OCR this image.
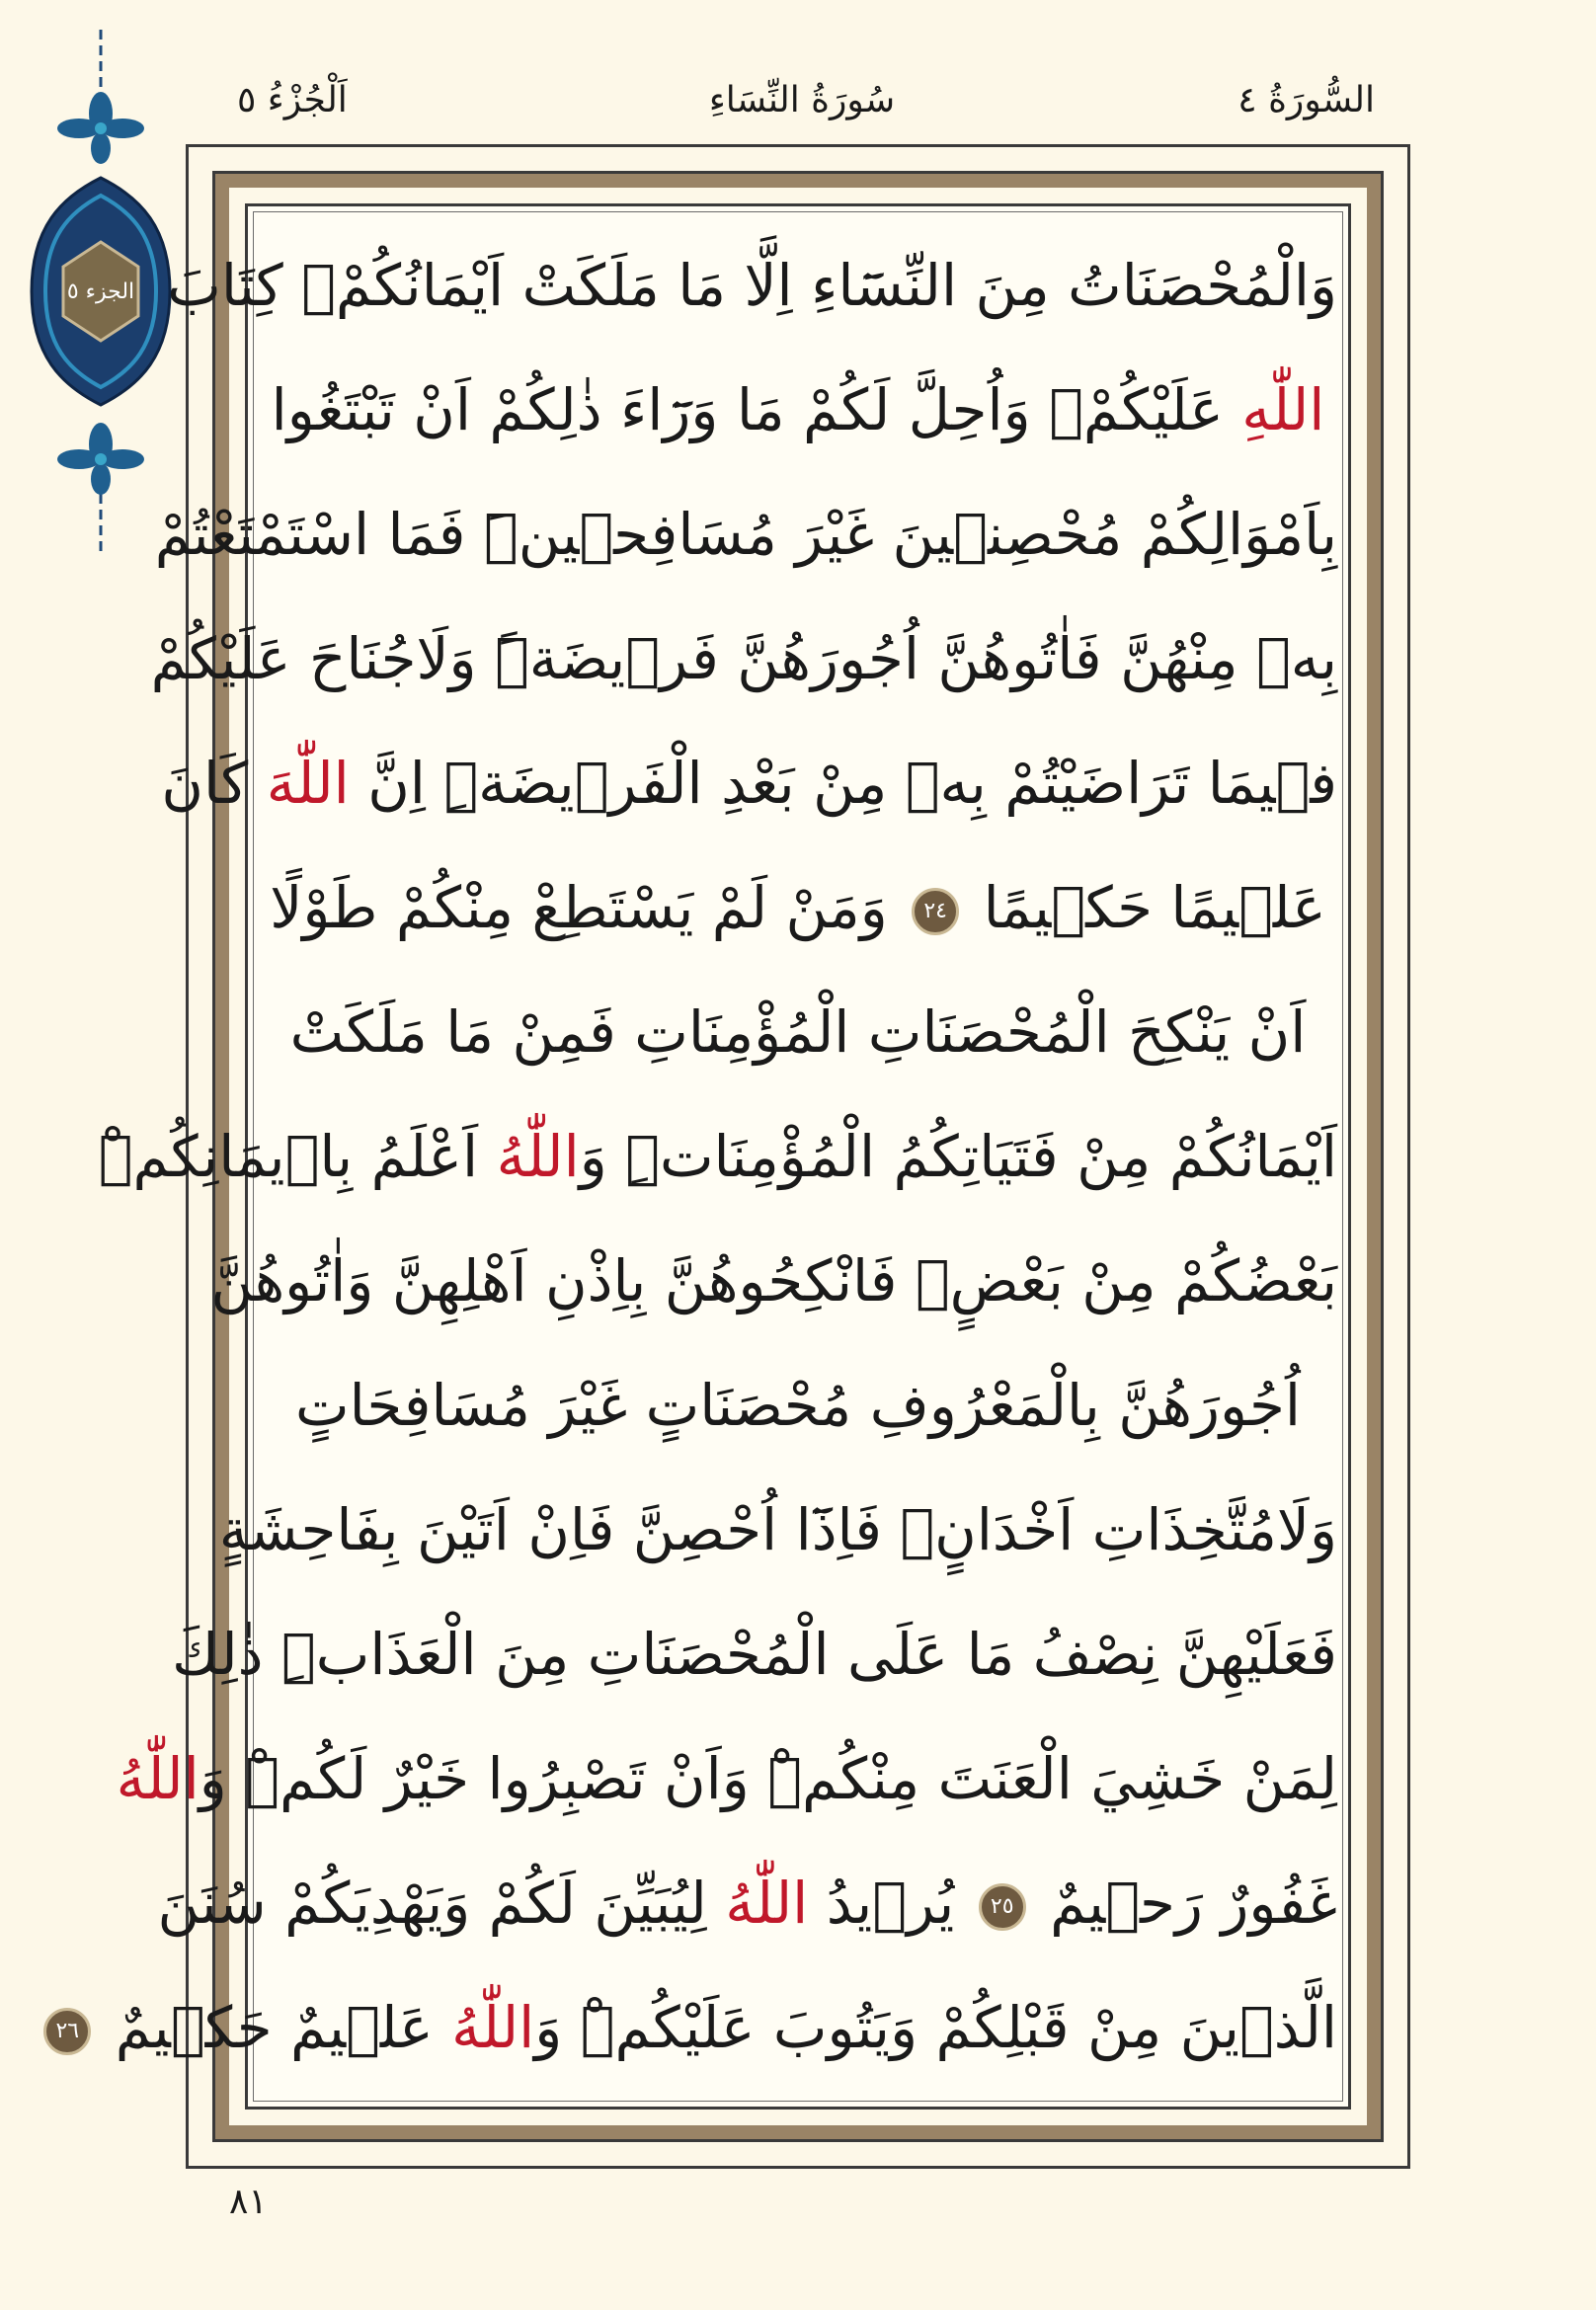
السُّورَةُ ٤
سُورَةُ النِّسَاءِ
اَلْجُزْءُ ٥
الجزء ٥ وَالْمُحْصَنَاتُ مِنَ النِّسَٓاءِ اِلَّا مَا مَلَكَتْ اَيْمَانُكُمْۚ كِتَابَ
اللّٰهِ عَلَيْكُمْۚ وَاُحِلَّ لَكُمْ مَا وَرَٓاءَ ذٰلِكُمْ اَنْ تَبْتَغُوا
بِاَمْوَالِكُمْ مُحْصِنٖينَ غَيْرَ مُسَافِحٖينَۜ فَمَا اسْتَمْتَعْتُمْ
بِهٖ مِنْهُنَّ فَاٰتُوهُنَّ اُجُورَهُنَّ فَرٖيضَةًۜ وَلَاجُنَاحَ عَلَيْكُمْ
فٖيمَا تَرَاضَيْتُمْ بِهٖ مِنْ بَعْدِ الْفَرٖيضَةِۜ اِنَّ اللّٰهَ كَانَ
عَلٖيمًا حَكٖيمًا ٢٤ وَمَنْ لَمْ يَسْتَطِعْ مِنْكُمْ طَوْلًا
اَنْ يَنْكِحَ الْمُحْصَنَاتِ الْمُؤْمِنَاتِ فَمِنْ مَا مَلَكَتْ
اَيْمَانُكُمْ مِنْ فَتَيَاتِكُمُ الْمُؤْمِنَاتِۜ وَاللّٰهُ اَعْلَمُ بِاٖيمَانِكُمْۜ
بَعْضُكُمْ مِنْ بَعْضٍۚ فَانْكِحُوهُنَّ بِاِذْنِ اَهْلِهِنَّ وَاٰتُوهُنَّ
اُجُورَهُنَّ بِالْمَعْرُوفِ مُحْصَنَاتٍ غَيْرَ مُسَافِحَاتٍ
وَلَامُتَّخِذَاتِ اَخْدَانٍۚ فَاِذَٓا اُحْصِنَّ فَاِنْ اَتَيْنَ بِفَاحِشَةٍ
فَعَلَيْهِنَّ نِصْفُ مَا عَلَى الْمُحْصَنَاتِ مِنَ الْعَذَابِۜ ذٰلِكَ
لِمَنْ خَشِيَ الْعَنَتَ مِنْكُمْۜ وَاَنْ تَصْبِرُوا خَيْرٌ لَكُمْۜ وَاللّٰهُ
غَفُورٌ رَحٖيمٌ ٢٥ يُرٖيدُ اللّٰهُ لِيُبَيِّنَ لَكُمْ وَيَهْدِيَكُمْ سُنَنَ
الَّذٖينَ مِنْ قَبْلِكُمْ وَيَتُوبَ عَلَيْكُمْۜ وَاللّٰهُ عَلٖيمٌ حَكٖيمٌ ٢٦
٨١
